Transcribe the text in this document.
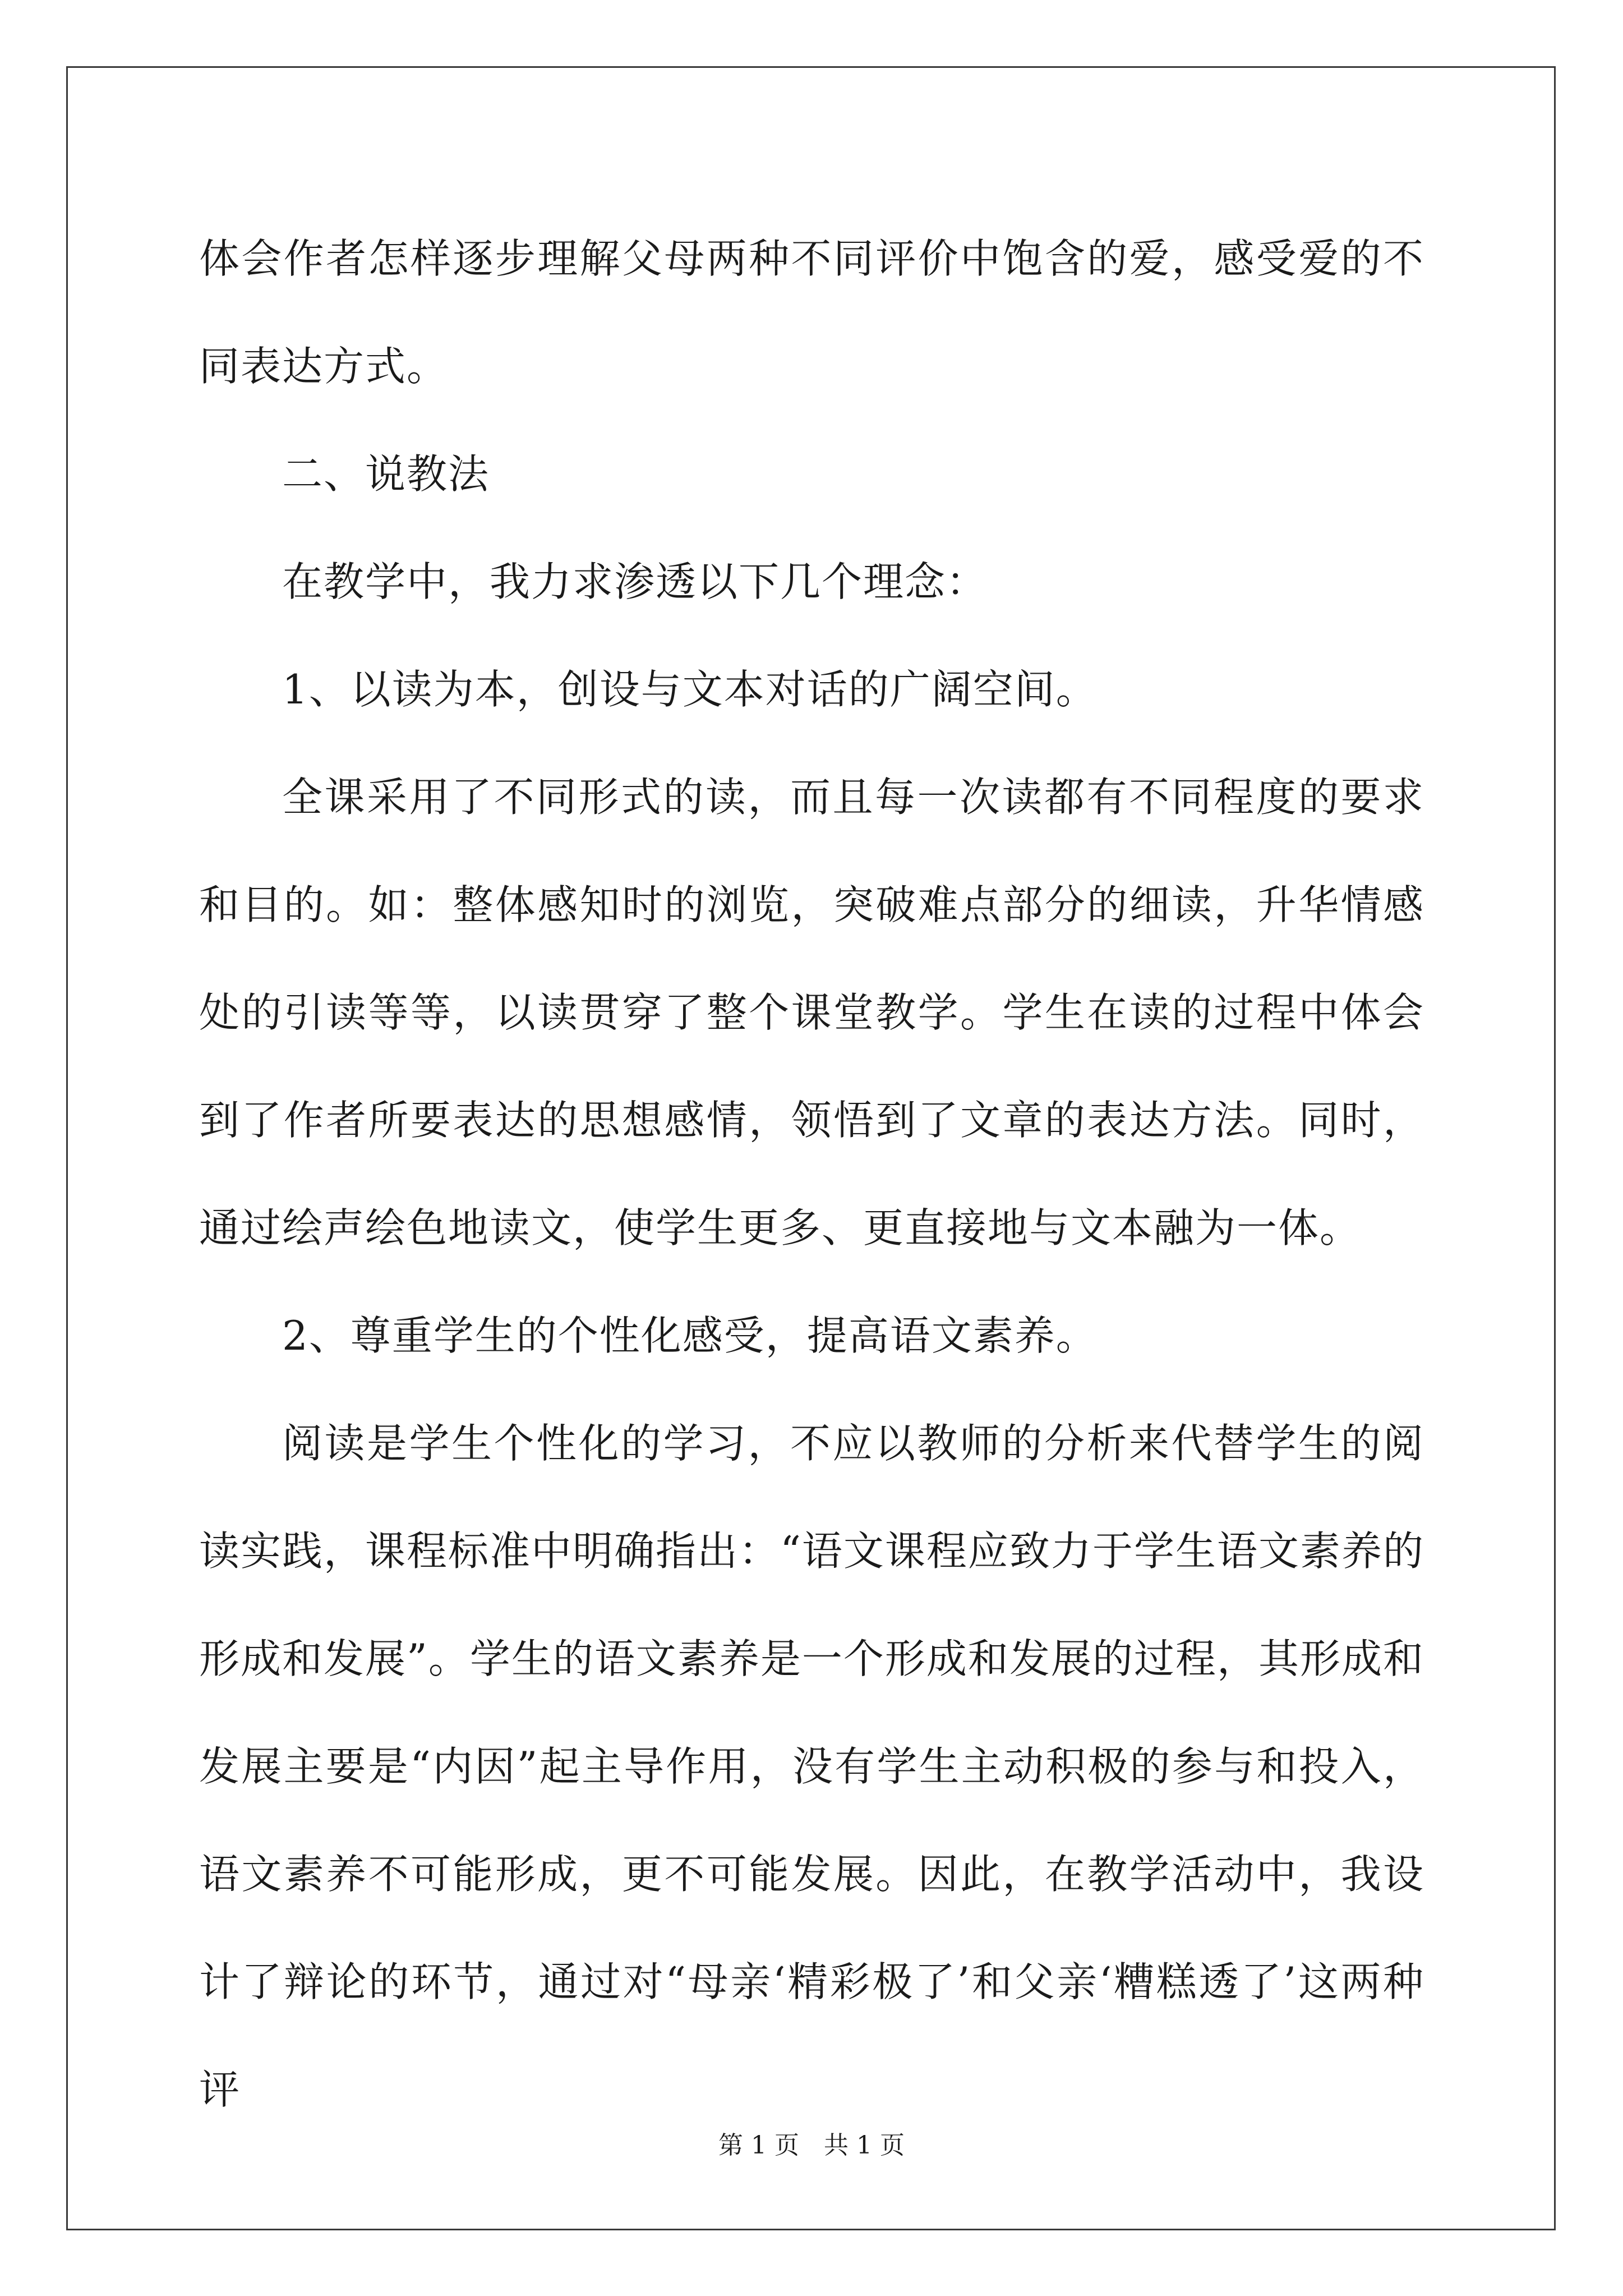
体会作者怎样逐步理解父母两种不同评价中饱含的爱，感受爱的不同表达方式。

二、说教法

在教学中，我力求渗透以下几个理念：

1、以读为本，创设与文本对话的广阔空间。

全课采用了不同形式的读，而且每一次读都有不同程度的要求和目的。如：整体感知时的浏览，突破难点部分的细读，升华情感处的引读等等，以读贯穿了整个课堂教学。学生在读的过程中体会到了作者所要表达的思想感情，领悟到了文章的表达方法。同时，通过绘声绘色地读文，使学生更多、更直接地与文本融为一体。

2、尊重学生的个性化感受，提高语文素养。

阅读是学生个性化的学习，不应以教师的分析来代替学生的阅读实践，课程标准中明确指出：“语文课程应致力于学生语文素养的形成和发展”。学生的语文素养是一个形成和发展的过程，其形成和发展主要是“内因”起主导作用，没有学生主动积极的参与和投入，语文素养不可能形成，更不可能发展。因此，在教学活动中，我设计了辩论的环节，通过对“母亲‘精彩极了’和父亲‘糟糕透了’这两种评

第 1 页　共 1 页
